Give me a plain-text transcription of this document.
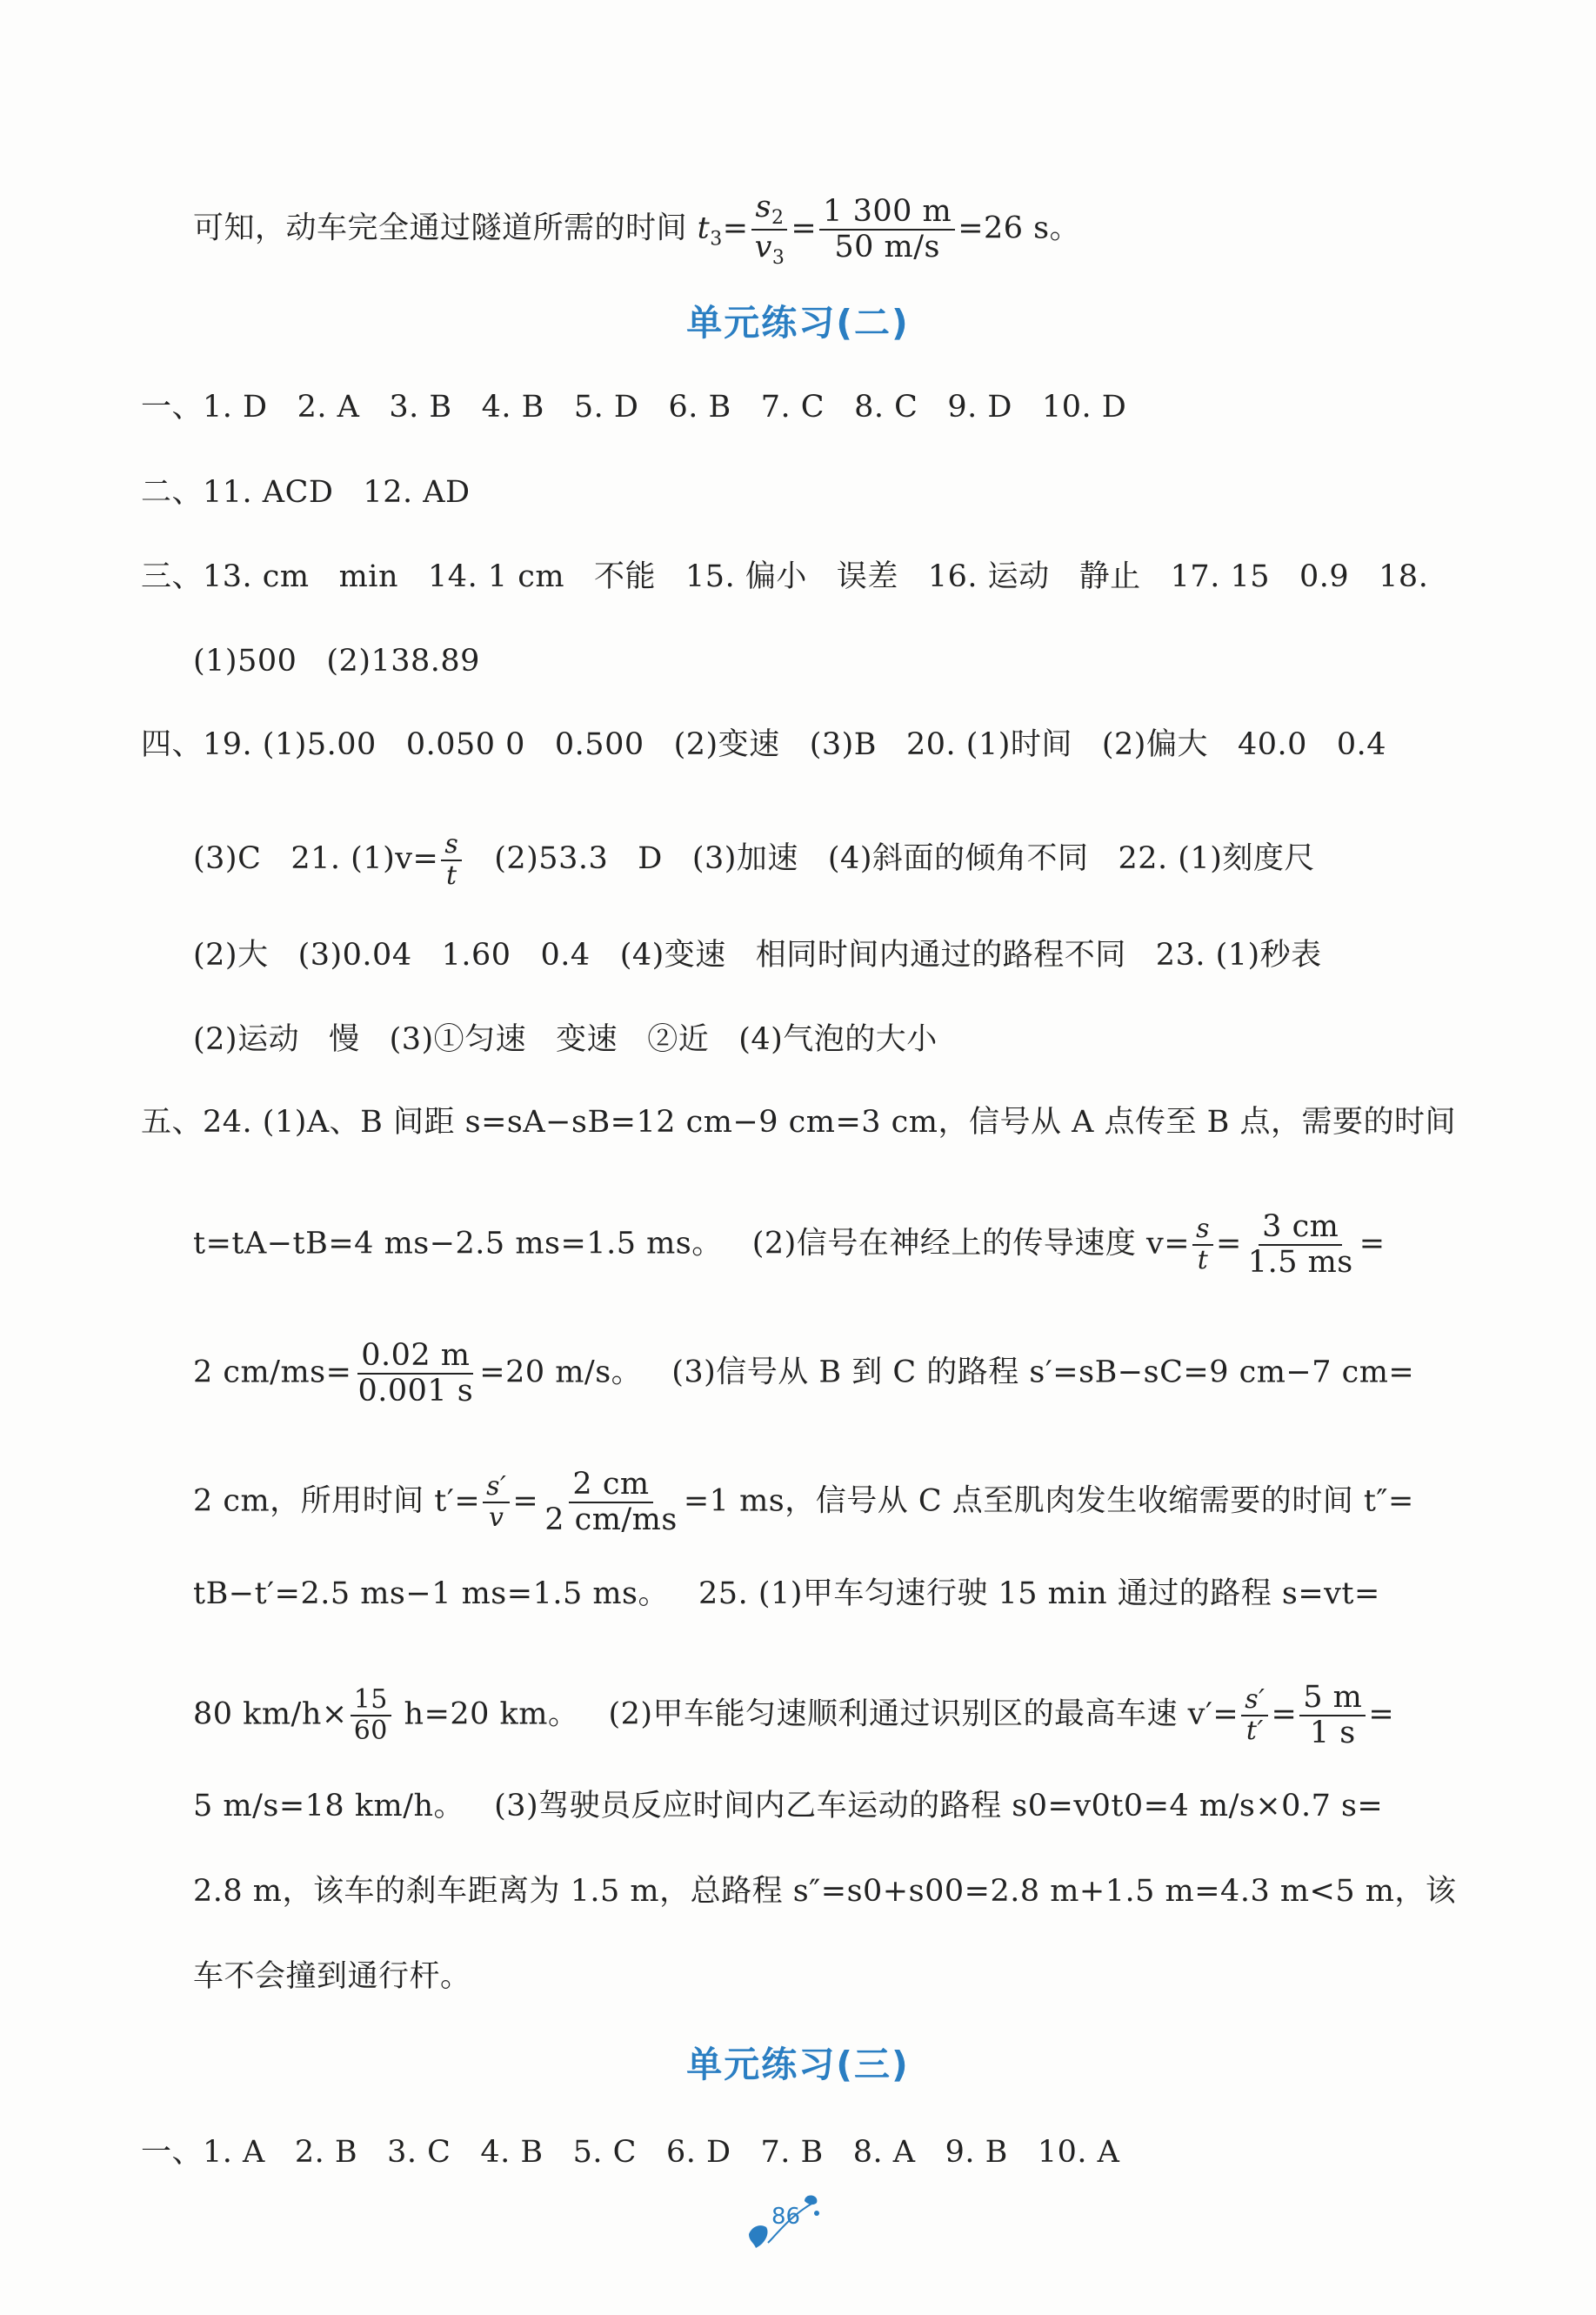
可知，动车完全通过隧道所需的时间 $t_3= \frac{s_2}{v_3} = \frac{1 300 m}{50 m/s} =26$ s。
单元练习(二)
一、1. D 2. A 3. B 4. B 5. D 6. B 7. C 8. C 9. D 10. D
二、11. ACD 12. AD
三、13. cm min 14. 1 cm 不能 15. 偏小 误差 16. 运动 静止 17. 15 0.9 18.
(1)500 (2)138.89
四、19. (1)5.00 0.050 0 0.500 (2)变速 (3)B 20. (1)时间 (2)偏大 40.0 0.4
(3)C 21. $(1)v= \frac{s}{t} (2)53.3$ D (3)加速 (4)斜面的倾角不同 22. (1)刻度尺
(2)大 (3)0.04 1.60 0.4 (4)变速 相同时间内通过的路程不同 23. (1)秒表
(2)运动 慢 (3)①匀速 变速 ②近 (4)气泡的大小
五、24. (1)A、B 间距 s=sA−sB=12 cm−9 cm=3 cm，信号从 A 点传至 B 点，需要的时间
t=tA−tB=4 ms−2.5 ms=1.5 ms。 (2)信号在神经上的传导速度 $v= \frac{s}{t} = \frac{3 cm}{1.5 ms}$ =
2 $cm/ms= \frac{0.02 m}{0.001 s} =20$ m/s。 (3)信号从 B 到 C 的路程 s′=sB−sC=9 cm−7 cm=
2 cm，所用时间 $t'= \frac{s'}{v} = \frac{2 cm}{2 cm/ms} =1$ ms，信号从 C 点至肌肉发生收缩需要的时间 t″=
tB−t′=2.5 ms−1 ms=1.5 ms。 25. (1)甲车匀速行驶 15 min 通过的路程 s=vt=
80 $km/h\times \frac{15}{60} h=20$ km。 (2)甲车能匀速顺利通过识别区的最高车速 $v'= \frac{s'}{t'} = \frac{5 m}{1 s}$ =
5 m/s=18 km/h。 (3)驾驶员反应时间内乙车运动的路程 s0=v0t0=4 m/s×0.7 s=
2.8 m，该车的刹车距离为 1.5 m，总路程 s″=s0+s00=2.8 m+1.5 m=4.3 m<5 m，该
车不会撞到通行杆。
单元练习(三)
一、1. A 2. B 3. C 4. B 5. C 6. D 7. B 8. A 9. B 10. A
86
